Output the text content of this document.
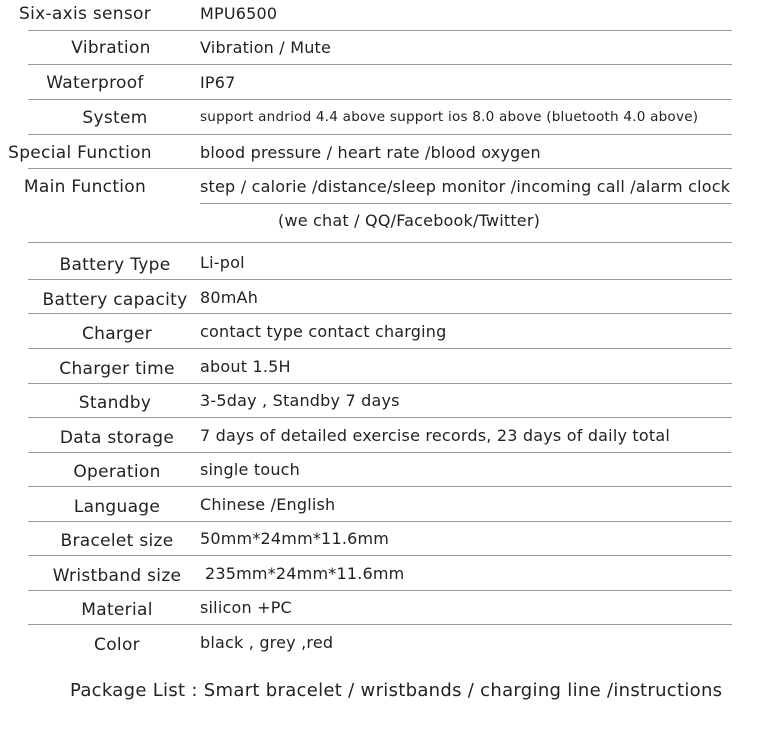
Six-axis sensor	MPU6500
Vibration	Vibration / Mute
Waterproof	IP67
System	support andriod 4.4 above support ios 8.0 above (bluetooth 4.0 above)
Special Function	blood pressure / heart rate /blood oxygen
Main Function	step / calorie /distance/sleep monitor /incoming call /alarm clock
(we chat / QQ/Facebook/Twitter)
Battery Type	Li-pol
Battery capacity 80mAh
Charger	contact type contact charging
Charger time	about 1.5H
Standby	3-5day , Standby 7 days
Data storage	7 days of detailed exercise records, 23 days of daily total
Operation	single touch
Language	Chinese /English
Bracelet size	50mm*24mm*11.6mm
Wristband size	235mm*24mm*11.6mm
Material	silicon +PC
Color	black , grey ,red
Package List : Smart bracelet / wristbands / charging line /instructions
